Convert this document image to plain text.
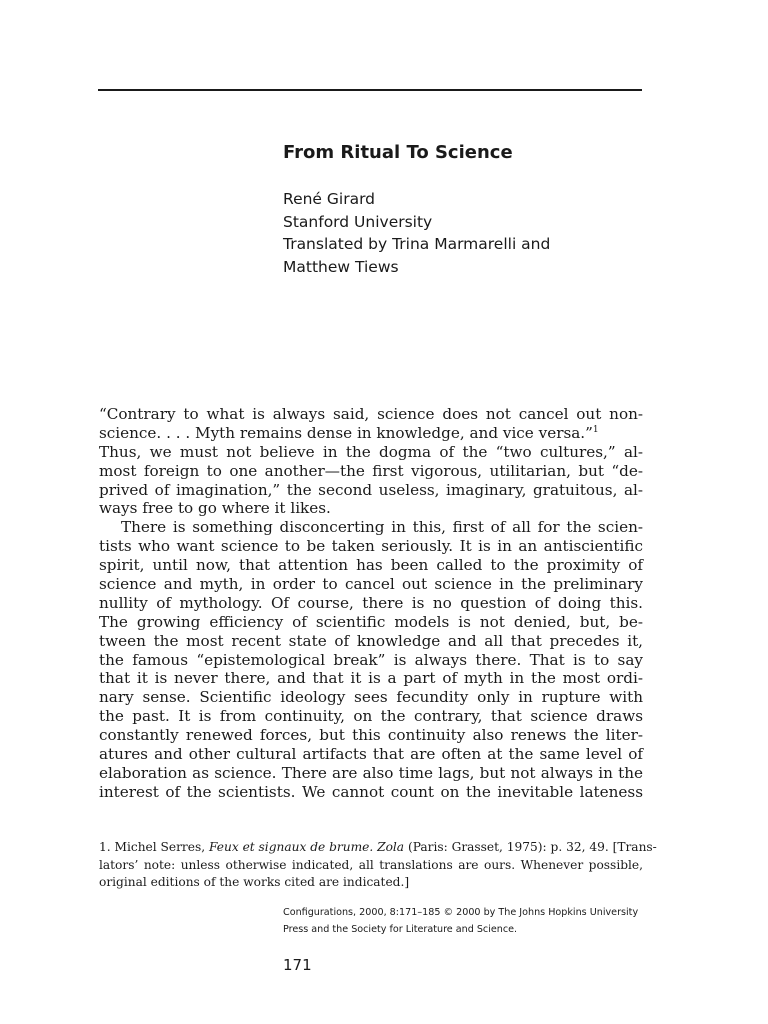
From Ritual To Science
René Girard
Stanford University
Translated by Trina Marmarelli and
Matthew Tiews
“Contrary to what is always said, science does not cancel out non-
science. . . . Myth remains dense in knowledge, and vice versa.”$^1$
Thus, we must not believe in the dogma of the “two cultures,” al-
most foreign to one another—the first vigorous, utilitarian, but “de-
prived of imagination,” the second useless, imaginary, gratuitous, al-
ways free to go where it likes.
There is something disconcerting in this, first of all for the scien-
tists who want science to be taken seriously. It is in an antiscientific
spirit, until now, that attention has been called to the proximity of
science and myth, in order to cancel out science in the preliminary
nullity of mythology. Of course, there is no question of doing this.
The growing efficiency of scientific models is not denied, but, be-
tween the most recent state of knowledge and all that precedes it,
the famous “epistemological break” is always there. That is to say
that it is never there, and that it is a part of myth in the most ordi-
nary sense. Scientific ideology sees fecundity only in rupture with
the past. It is from continuity, on the contrary, that science draws
constantly renewed forces, but this continuity also renews the liter-
atures and other cultural artifacts that are often at the same level of
elaboration as science. There are also time lags, but not always in the
interest of the scientists. We cannot count on the inevitable lateness
1. Michel Serres, Feux et signaux de brume. Zola (Paris: Grasset, 1975): p. 32, 49. [Trans-
lators’ note: unless otherwise indicated, all translations are ours. Whenever possible,
original editions of the works cited are indicated.]
Configurations, 2000, 8:171–185 © 2000 by The Johns Hopkins University
Press and the Society for Literature and Science.
171
